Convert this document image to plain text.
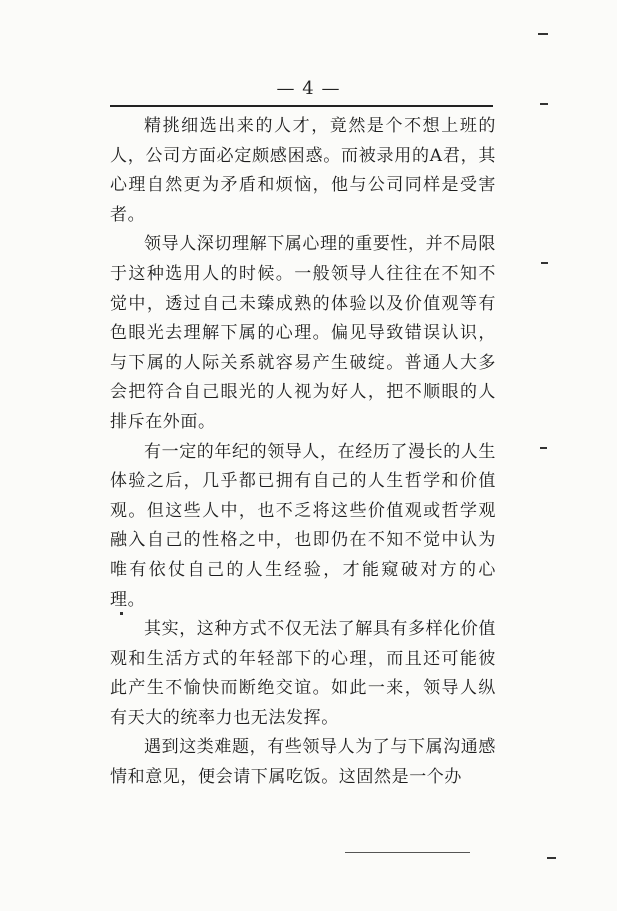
— 4 —

精挑细选出来的人才，竟然是个不想上班的人，公司方面必定颇感困惑。而被录用的A君，其心理自然更为矛盾和烦恼，他与公司同样是受害者。

领导人深切理解下属心理的重要性，并不局限于这种选用人的时候。一般领导人往往在不知不觉中，透过自己未臻成熟的体验以及价值观等有色眼光去理解下属的心理。偏见导致错误认识，与下属的人际关系就容易产生破绽。普通人大多会把符合自己眼光的人视为好人，把不顺眼的人排斥在外面。

有一定的年纪的领导人，在经历了漫长的人生体验之后，几乎都已拥有自己的人生哲学和价值观。但这些人中，也不乏将这些价值观或哲学观融入自己的性格之中，也即仍在不知不觉中认为唯有依仗自己的人生经验，才能窥破对方的心理。

其实，这种方式不仅无法了解具有多样化价值观和生活方式的年轻部下的心理，而且还可能彼此产生不愉快而断绝交谊。如此一来，领导人纵有天大的统率力也无法发挥。

遇到这类难题，有些领导人为了与下属沟通感情和意见，便会请下属吃饭。这固然是一个办
